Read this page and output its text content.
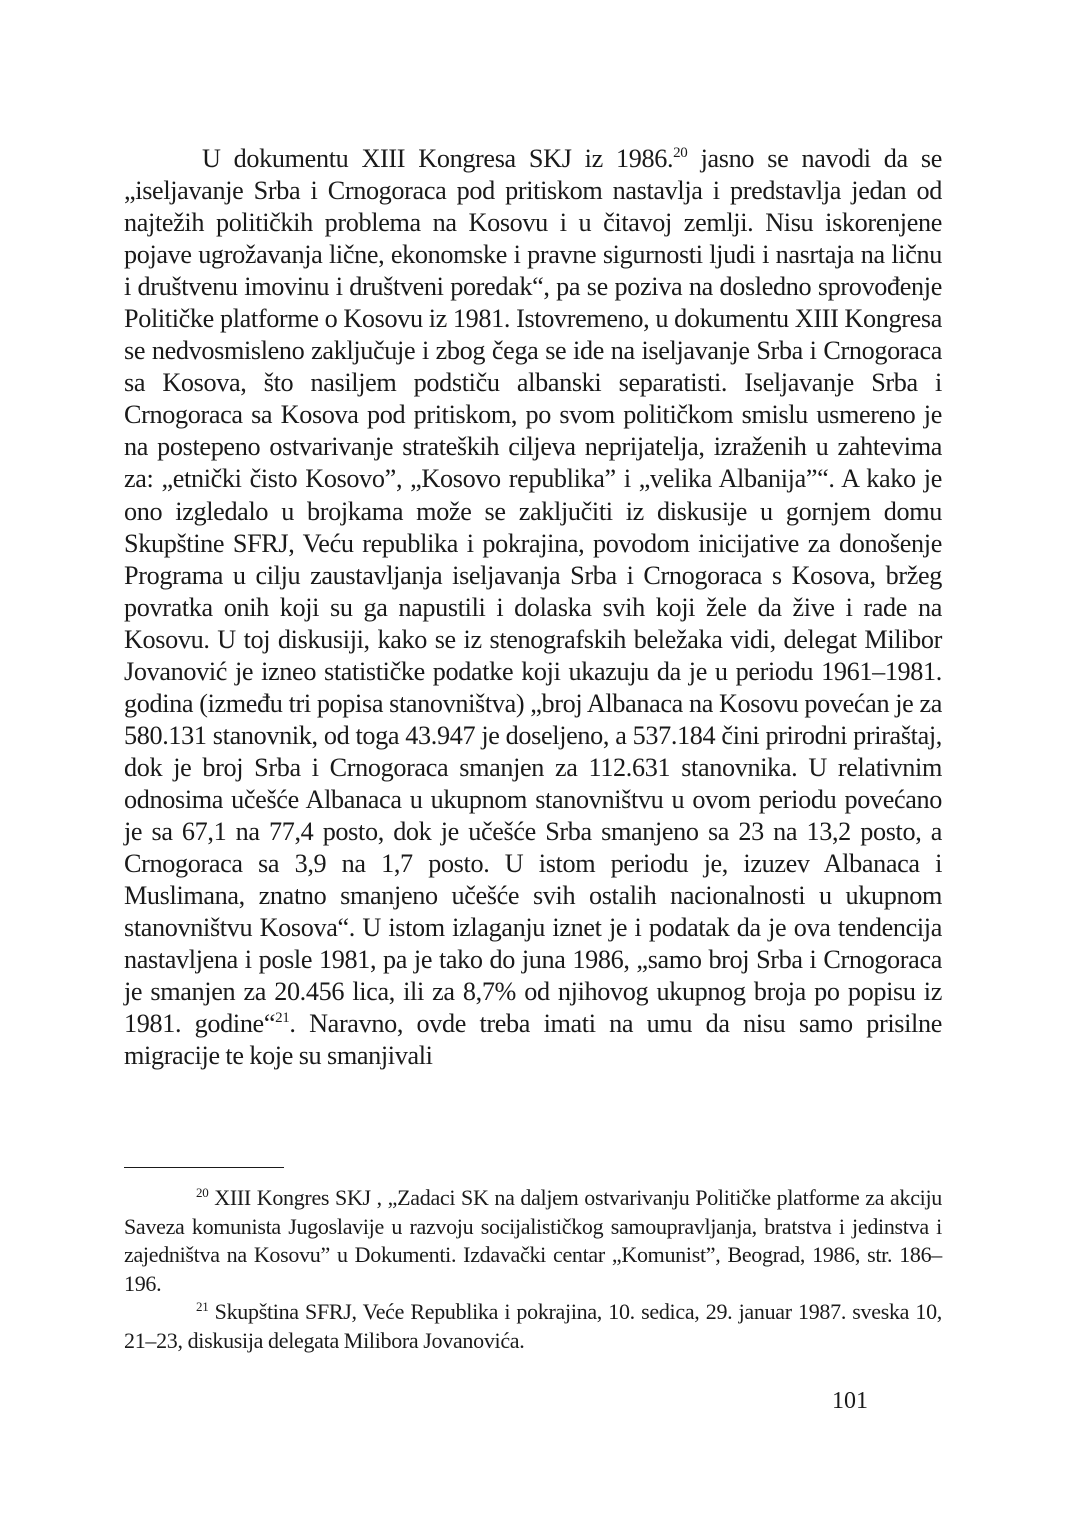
U dokumentu XIII Kongresa SKJ iz 1986.20 jasno se navodi da se „iseljavanje Srba i Crnogoraca pod pritiskom nastavlja i predstavlja jedan od najtežih političkih problema na Kosovu i u čitavoj zemlji. Nisu iskorenjene pojave ugrožavanja lične, ekonomske i pravne sigurnosti ljudi i nasrtaja na ličnu i društvenu imovinu i društveni poredak“, pa se poziva na dosledno sprovođenje Političke platforme o Kosovu iz 1981. Istovremeno, u dokumentu XIII Kongresa se nedvosmisleno zaključuje i zbog čega se ide na iseljavanje Srba i Crnogoraca sa Kosova, što nasiljem podstiču albanski separatisti. Iseljavanje Srba i Crnogoraca sa Kosova pod pritiskom, po svom političkom smislu usmereno je na postepeno ostvarivanje strateških ciljeva neprijatelja, izraženih u zahtevima za: „etnički čisto Kosovo”, „Kosovo republika” i „velika Albanija”“. A kako je ono izgledalo u brojkama može se zaključiti iz diskusije u gornjem domu Skupštine SFRJ, Veću republika i pokrajina, povodom inicijative za donošenje Programa u cilju zaustavljanja iseljavanja Srba i Crnogoraca s Kosova, bržeg povratka onih koji su ga napustili i dolaska svih koji žele da žive i rade na Kosovu. U toj diskusiji, kako se iz stenografskih beležaka vidi, delegat Milibor Jovanović je izneo statističke podatke koji ukazuju da je u periodu 1961–1981. godina (između tri popisa stanovništva) „broj Albanaca na Kosovu povećan je za 580.131 stanovnik, od toga 43.947 je doseljeno, a 537.184 čini prirodni priraštaj, dok je broj Srba i Crnogoraca smanjen za 112.631 stanovnika. U relativnim odnosima učešće Albanaca u ukupnom stanovništvu u ovom periodu povećano je sa 67,1 na 77,4 posto, dok je učešće Srba smanjeno sa 23 na 13,2 posto, a Crnogoraca sa 3,9 na 1,7 posto. U istom periodu je, izuzev Albanaca i Muslimana, znatno smanjeno učešće svih ostalih nacionalnosti u ukupnom stanovništvu Kosova“. U istom izlaganju iznet je i podatak da je ova tendencija nastavljena i posle 1981, pa je tako do juna 1986, „samo broj Srba i Crnogoraca je smanjen za 20.456 lica, ili za 8,7% od njihovog ukupnog broja po popisu iz 1981. godine“$^{21}$. Naravno, ovde treba imati na umu da nisu samo prisilne migracije te koje su smanjivali

$^{20}$ XIII Kongres SKJ , „Zadaci SK na daljem ostvarivanju Političke platforme za akciju Saveza komunista Jugoslavije u razvoju socijalističkog samoupravljanja, bratstva i jedinstva i zajedništva na Kosovu” u Dokumenti. Izdavački centar „Komunist”, Beograd, 1986, str. 186–196.

$^{21}$ Skupština SFRJ, Veće Republika i pokrajina, 10. sedica, 29. januar 1987. sveska 10, 21–23, diskusija delegata Milibora Jovanovića.

101
